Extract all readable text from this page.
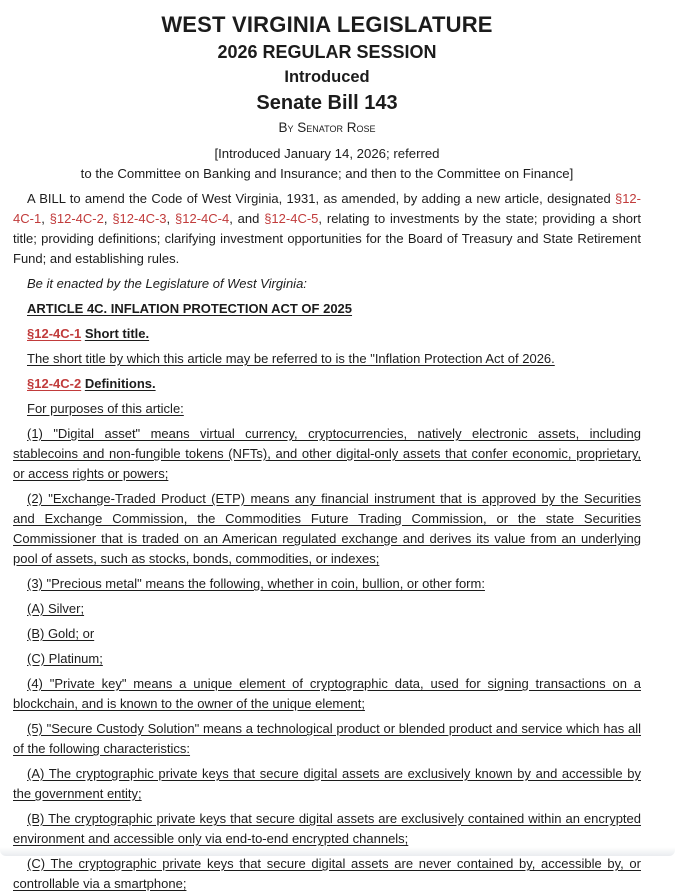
WEST VIRGINIA LEGISLATURE
2026 REGULAR SESSION
Introduced
Senate Bill 143
By Senator Rose
[Introduced January 14, 2026; referred
to the Committee on Banking and Insurance; and then to the Committee on Finance]

A BILL to amend the Code of West Virginia, 1931, as amended, by adding a new article, designated §12-4C-1, §12-4C-2, §12-4C-3, §12-4C-4, and §12-4C-5, relating to investments by the state; providing a short title; providing definitions; clarifying investment opportunities for the Board of Treasury and State Retirement Fund; and establishing rules.

Be it enacted by the Legislature of West Virginia:

ARTICLE 4C. INFLATION PROTECTION ACT OF 2025

§12-4C-1 Short title.

The short title by which this article may be referred to is the "Inflation Protection Act of 2026.

§12-4C-2 Definitions.

For purposes of this article:

(1) "Digital asset" means virtual currency, cryptocurrencies, natively electronic assets, including stablecoins and non-fungible tokens (NFTs), and other digital-only assets that confer economic, proprietary, or access rights or powers;

(2) "Exchange-Traded Product (ETP) means any financial instrument that is approved by the Securities and Exchange Commission, the Commodities Future Trading Commission, or the state Securities Commissioner that is traded on an American regulated exchange and derives its value from an underlying pool of assets, such as stocks, bonds, commodities, or indexes;

(3) "Precious metal" means the following, whether in coin, bullion, or other form:

(A) Silver;

(B) Gold; or

(C) Platinum;

(4) "Private key" means a unique element of cryptographic data, used for signing transactions on a blockchain, and is known to the owner of the unique element;

(5) "Secure Custody Solution" means a technological product or blended product and service which has all of the following characteristics:

(A) The cryptographic private keys that secure digital assets are exclusively known by and accessible by the government entity;

(B) The cryptographic private keys that secure digital assets are exclusively contained within an encrypted environment and accessible only via end-to-end encrypted channels;

(C) The cryptographic private keys that secure digital assets are never contained by, accessible by, or controllable via a smartphone;
